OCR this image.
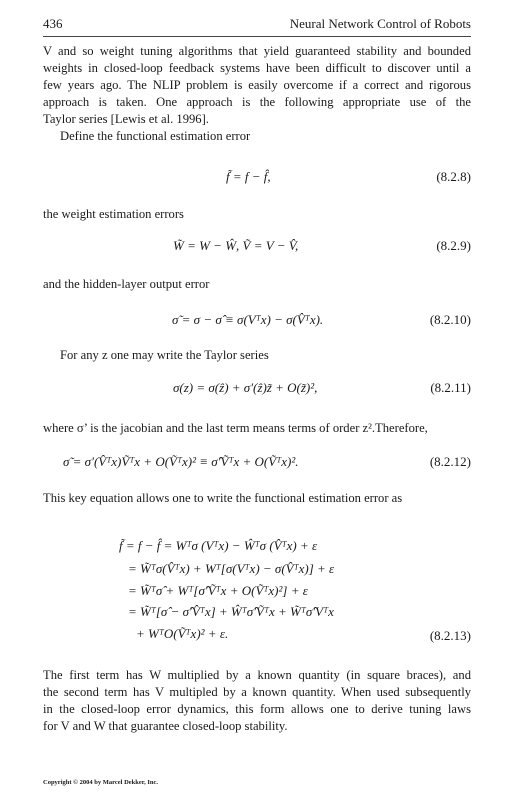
436	Neural Network Control of Robots
V and so weight tuning algorithms that yield guaranteed stability and bounded
weights in closed-loop feedback systems have been difficult to discover until a
few years ago. The NLIP problem is easily overcome if a correct and rigorous
approach is taken. One approach is the following appropriate use of the
Taylor series [Lewis et al. 1996].
Define the functional estimation error
f̃ = f − f̂,	(8.2.8)
the weight estimation errors
W̃ = W − Ŵ, Ṽ = V − V̂,	(8.2.9)
and the hidden-layer output error
σ̃ = σ − σ̂ ≡ σ(Vᵀx) − σ(V̂ᵀx).	(8.2.10)
For any z one may write the Taylor series
σ(z) = σ(ẑ) + σ′(ẑ)z̃ + O(z̃)²,	(8.2.11)
where σ’ is the jacobian and the last term means terms of order z².Therefore,
σ̃ = σ′(V̂ᵀx)Ṽᵀx + O(Ṽᵀx)² ≡ σ̂′Ṽᵀx + O(Ṽᵀx)².	(8.2.12)
This key equation allows one to write the functional estimation error as
f̃ = f − f̂ = Wᵀσ (Vᵀx) − Ŵᵀσ (V̂ᵀx) + ε
= W̃ᵀσ(V̂ᵀx) + Wᵀ[σ(Vᵀx) − σ(V̂ᵀx)] + ε
= W̃ᵀσ̂ + Wᵀ[σ̂′Ṽᵀx + O(Ṽᵀx)²] + ε
= W̃ᵀ[σ̂ − σ̂′V̂ᵀx] + Ŵᵀσ̂′Ṽᵀx + W̃ᵀσ̂′Vᵀx
+ WᵀO(Ṽᵀx)² + ε.	(8.2.13)
The first term has W multiplied by a known quantity (in square braces), and
the second term has V multipled by a known quantity. When used subsequently
in the closed-loop error dynamics, this form allows one to derive tuning laws
for V and W that guarantee closed-loop stability.
Copyright © 2004 by Marcel Dekker, Inc.
